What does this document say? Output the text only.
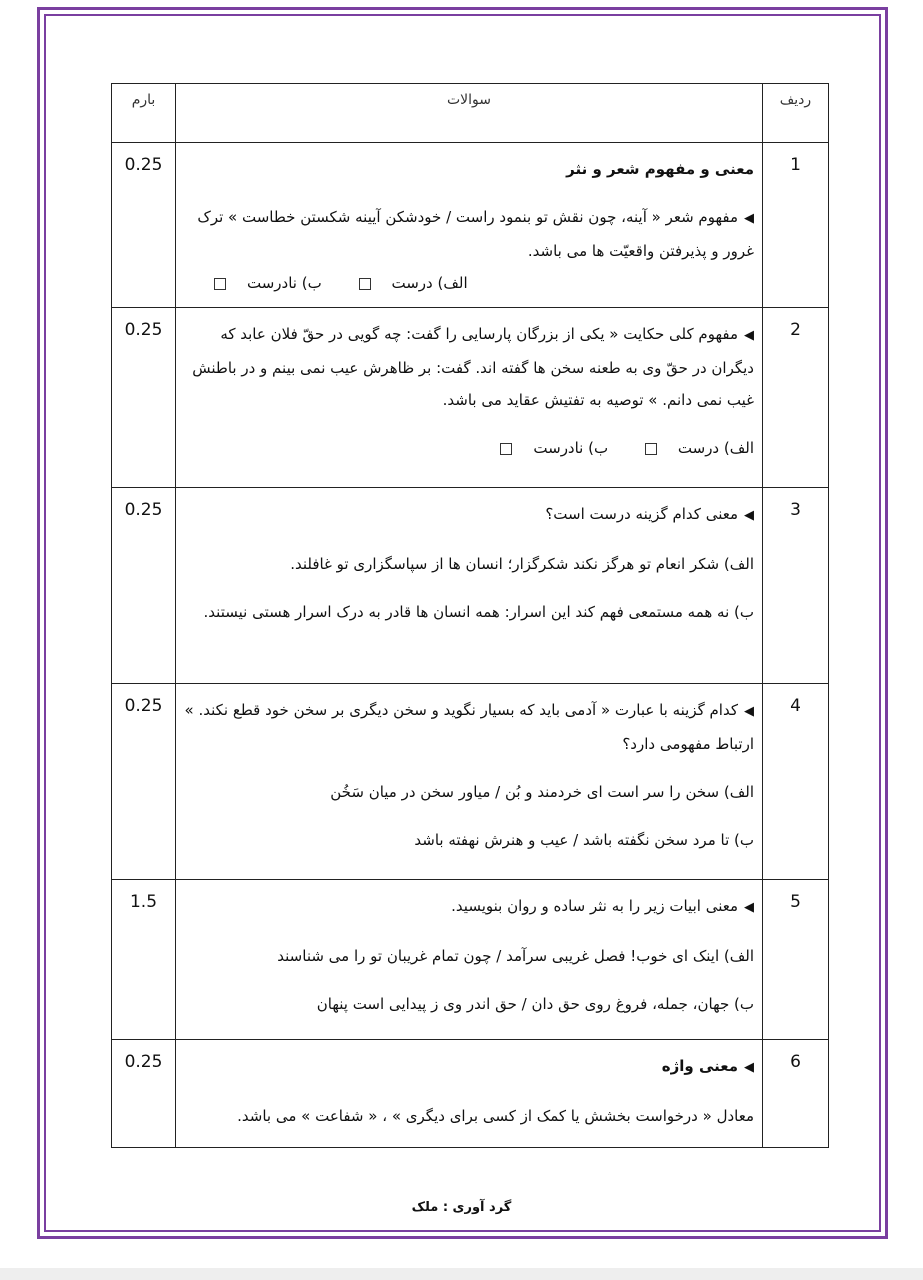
ردیف	سوالات	بارم
1	معنی و مفهوم شعر و نثر
◀مفهوم شعر « آینه، چون نقش تو بنمود راست / خودشکن آیینه شکستن خطاست » ترک غرور و پذیرفتن واقعیّت ها می باشد.
الف) درست ب) نادرست	0.25
2	◀مفهوم کلی حکایت « یکی از بزرگان پارسایی را گفت: چه گویی در حقّ فلان عابد که دیگران در حقّ وی به طعنه سخن ها گفته اند. گفت: بر ظاهرش عیب نمی بینم و در باطنش غیب نمی دانم. » توصیه به تفتیش عقاید می باشد.
الف) درست ب) نادرست	0.25
3	◀معنی کدام گزینه درست است؟
الف) شکر انعام تو هرگز نکند شکرگزار؛ انسان ها از سپاسگزاری تو غافلند.
ب) نه همه مستمعی فهم کند این اسرار: همه انسان ها قادر به درک اسرار هستی نیستند.	0.25
4	◀کدام گزینه با عبارت « آدمی باید که بسیار نگوید و سخن دیگری بر سخن خود قطع نکند. » ارتباط مفهومی دارد؟
الف) سخن را سر است ای خردمند و بُن / میاور سخن در میان سَخُن
ب) تا مرد سخن نگفته باشد / عیب و هنرش نهفته باشد	0.25
5	◀معنی ابیات زیر را به نثر ساده و روان بنویسید.
الف) اینک ای خوب! فصل غریبی سرآمد / چون تمام غریبان تو را می شناسند
ب) جهان، جمله، فروغ روی حق دان / حق اندر وی ز پیدایی است پنهان	1.5
6	◀معنی واژه
معادل « درخواست بخشش یا کمک از کسی برای دیگری » ، « شفاعت » می باشد.	0.25
گرد آوری : ملک
